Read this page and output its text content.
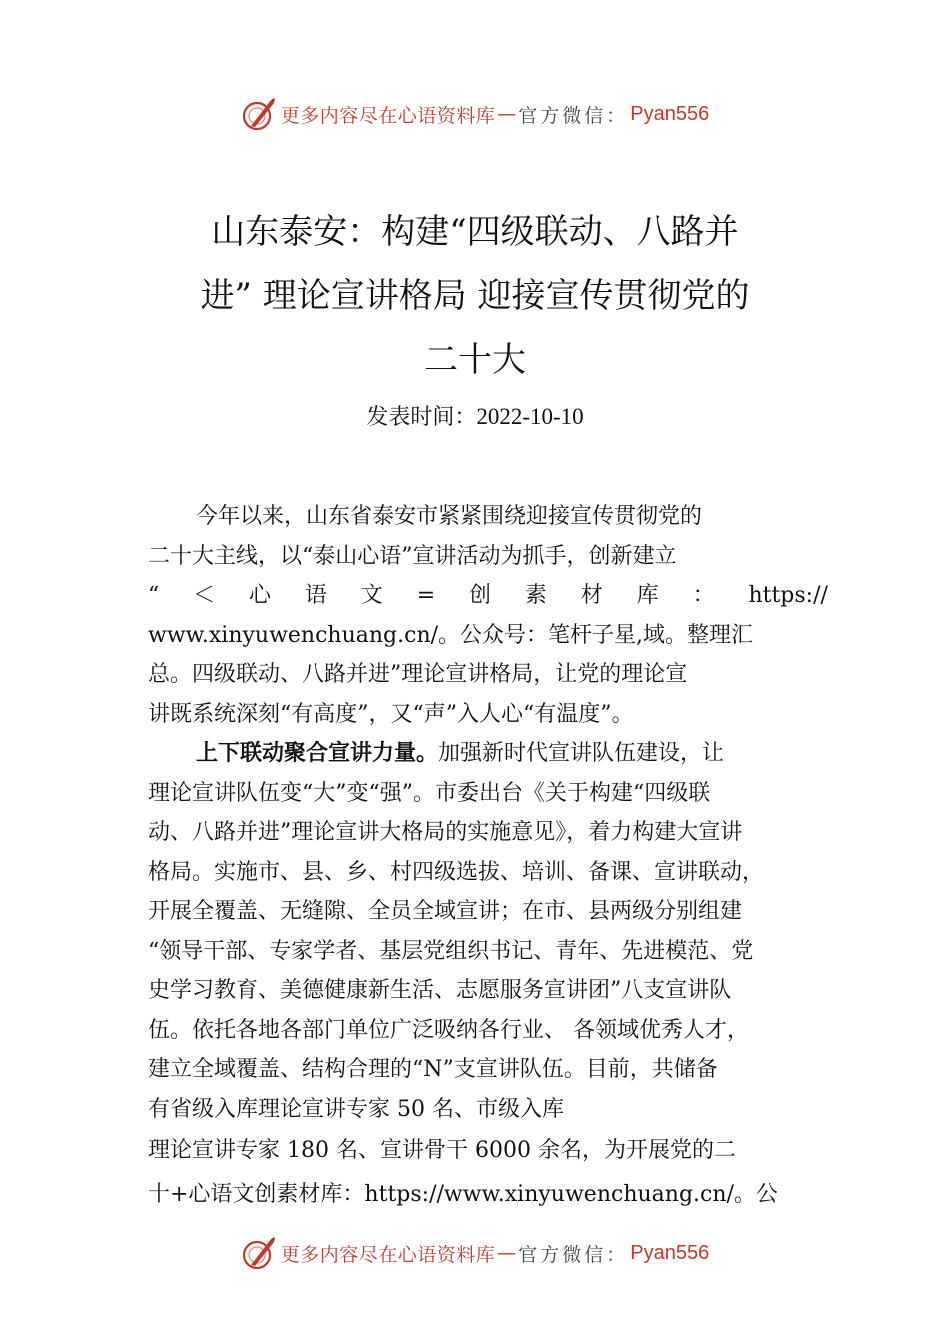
更多内容尽在心语资料库 — 官方微信： Pyan556
山东泰安：构建“四级联动、八路并
进” 理论宣讲格局 迎接宣传贯彻党的
二十大
发表时间：2022-10-10
今年以来，山东省泰安市紧紧围绕迎接宣传贯彻党的
二十大主线，以“泰山心语”宣讲活动为抓手，创新建立
“ ＜ 心 语 文 = 创 素 材 库 ： https://
www.xinyuwenchuang.cn/。公众号：笔杆子星,域。整理汇
总。四级联动、八路并进”理论宣讲格局，让党的理论宣
讲既系统深刻“有高度”，又“声”入人心“有温度”。
上下联动聚合宣讲力量。加强新时代宣讲队伍建设，让
理论宣讲队伍变“大”变“强”。市委出台《关于构建“四级联
动、八路并进”理论宣讲大格局的实施意见》，着力构建大宣讲
格局。实施市、县、乡、村四级选拔、培训、备课、宣讲联动，
开展全覆盖、无缝隙、全员全域宣讲；在市、县两级分别组建
“领导干部、专家学者、基层党组织书记、青年、先进模范、党
史学习教育、美德健康新生活、志愿服务宣讲团”八支宣讲队
伍。依托各地各部门单位广泛吸纳各行业、 各领域优秀人才，
建立全域覆盖、结构合理的“N”支宣讲队伍。目前，共储备
有省级入库理论宣讲专家 50 名、市级入库
理论宣讲专家 180 名、宣讲骨干 6000 余名，为开展党的二
十+心语文创素材库：https://www.xinyuwenchuang.cn/。公
更多内容尽在心语资料库 — 官方微信： Pyan556
